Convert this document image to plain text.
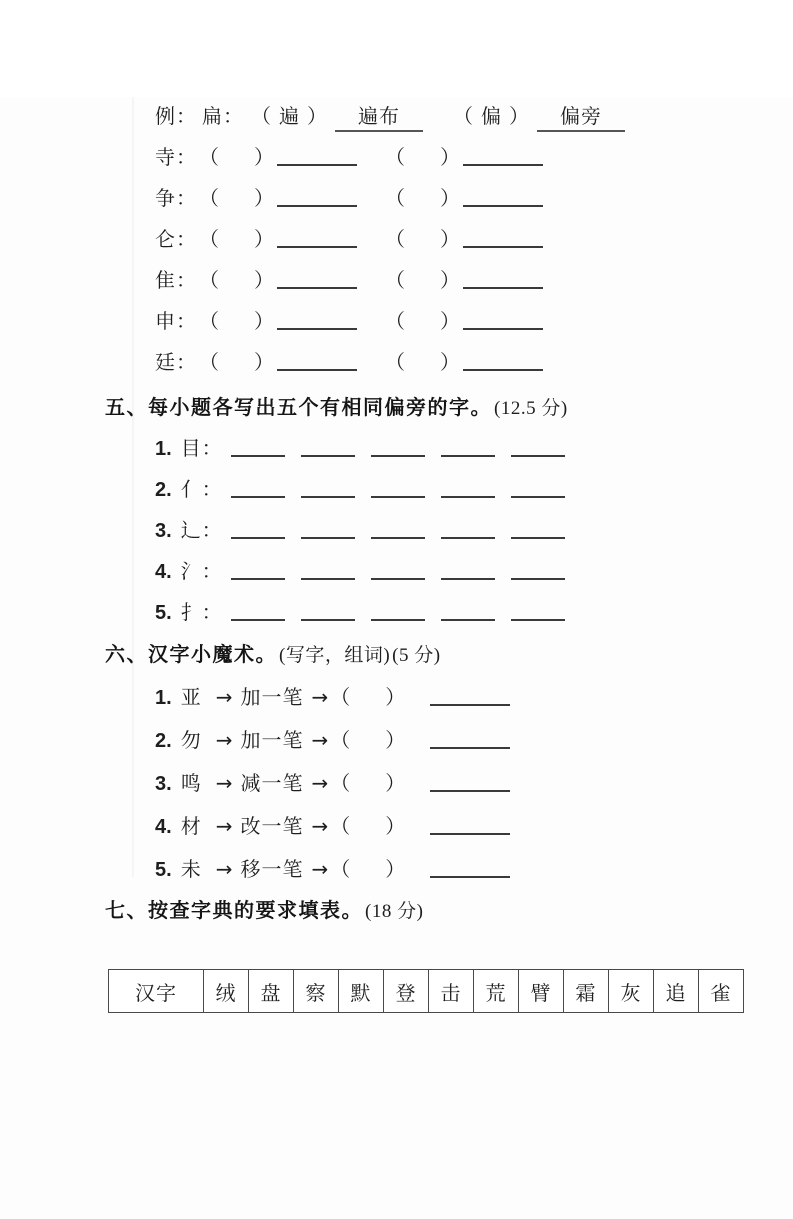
例： 扁： （ 遍 ） 遍布	（ 偏 ） 偏旁
寺： （ ）	（ ）
争： （ ）	（ ）
仑： （ ）	（ ）
隹： （ ）	（ ）
申： （ ）	（ ）
廷： （ ）	（ ）
五、每小题各写出五个有相同偏旁的字。 (12.5 分)
1. 目：
2. 亻：
3. 辶：
4. 氵：
5. 扌：
六、汉字小魔术。 (写字，组词) (5 分)
1. 亚 → 加一笔 → （ ）
2. 勿 → 加一笔 → （ ）
3. 鸣 → 减一笔 → （ ）
4. 材 → 改一笔 → （ ）
5. 未 → 移一笔 → （ ）
七、按查字典的要求填表。 (18 分)
汉字	绒	盘	察	默	登	击	荒	臂	霜	灰	追	雀
